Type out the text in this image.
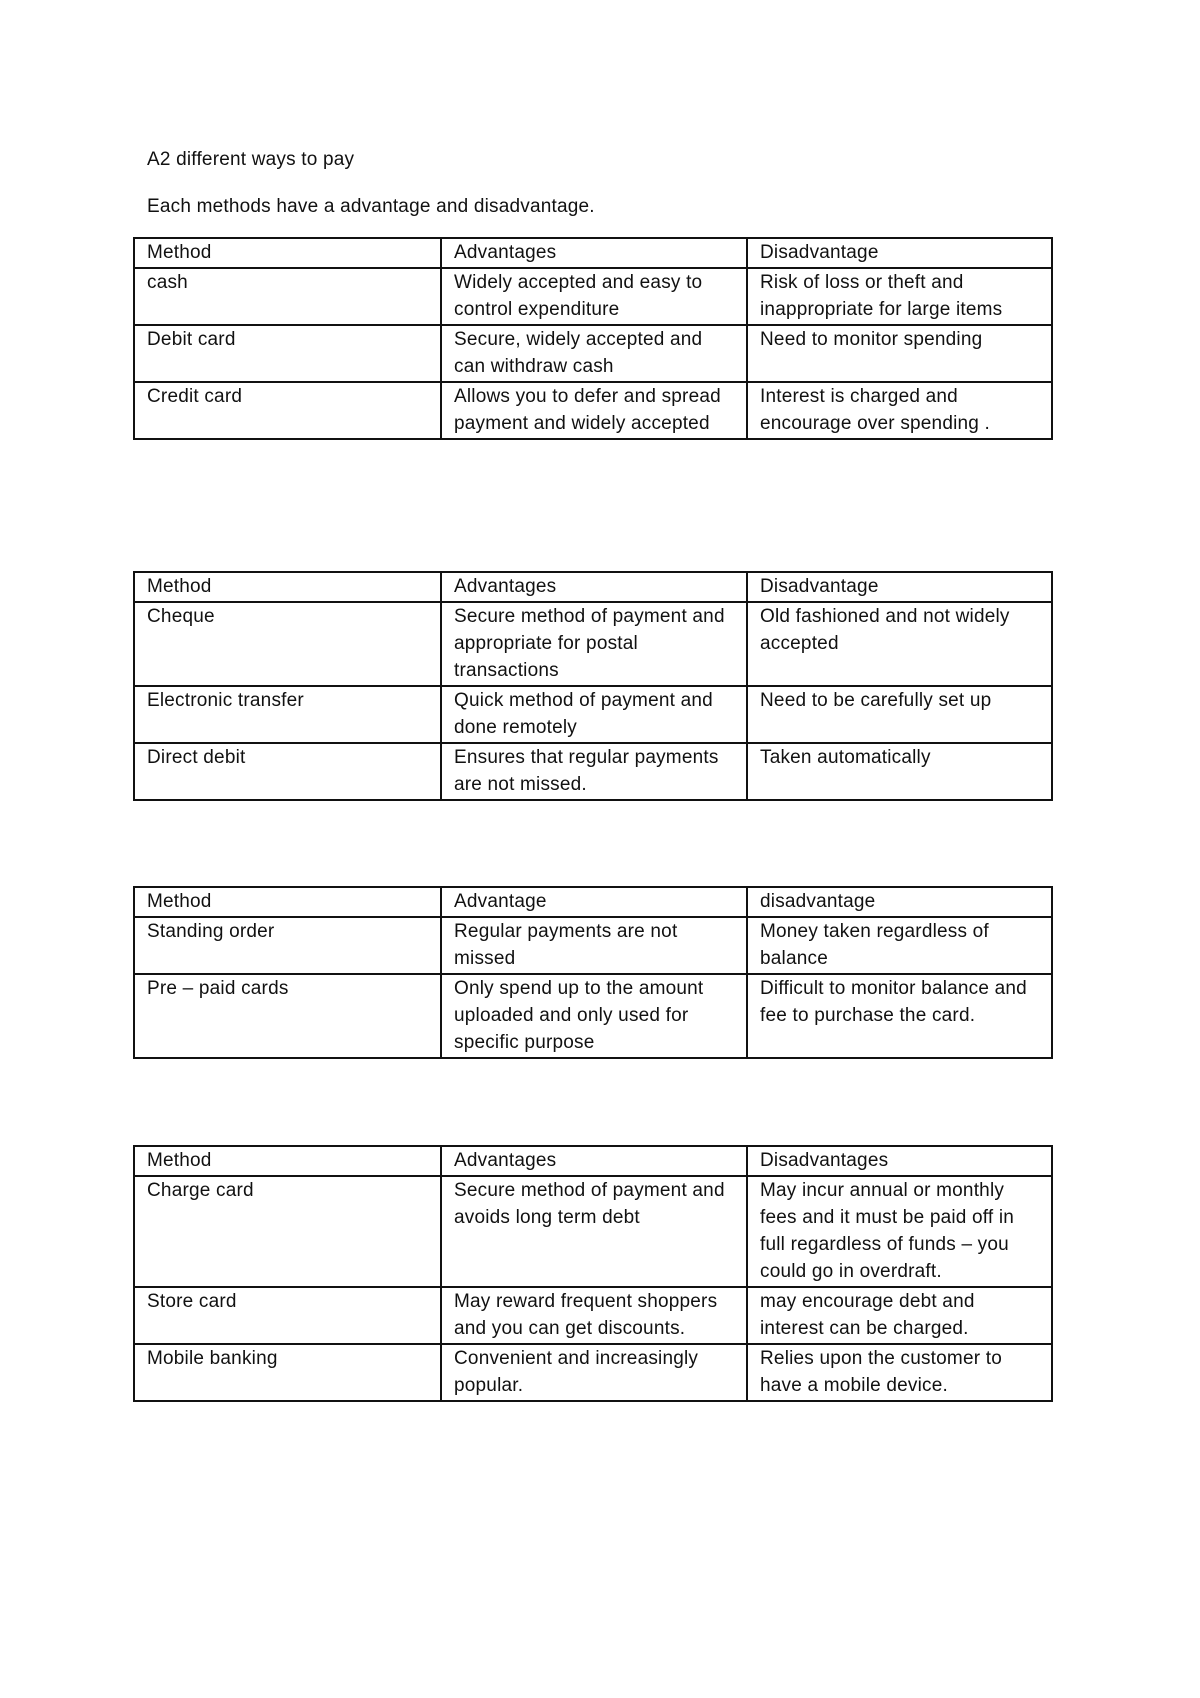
A2 different ways to pay
Each methods have a advantage and disadvantage.
Method	Advantages	Disadvantage
cash	Widely accepted and easy to control expenditure	Risk of loss or theft and inappropriate for large items
Debit card	Secure, widely accepted and can withdraw cash	Need to monitor spending
Credit card	Allows you to defer and spread payment and widely accepted	Interest is charged and encourage over spending .
Method	Advantages	Disadvantage
Cheque	Secure method of payment and appropriate for postal transactions	Old fashioned and not widely accepted
Electronic transfer	Quick method of payment and done remotely	Need to be carefully set up
Direct debit	Ensures that regular payments are not missed.	Taken automatically
Method	Advantage	disadvantage
Standing order	Regular payments are not missed	Money taken regardless of balance
Pre – paid cards	Only spend up to the amount uploaded and only used for specific purpose	Difficult to monitor balance and fee to purchase the card.
Method	Advantages	Disadvantages
Charge card	Secure method of payment and avoids long term debt	May incur annual or monthly fees and it must be paid off in full regardless of funds – you could go in overdraft.
Store card	May reward frequent shoppers and you can get discounts.	may encourage debt and interest can be charged.
Mobile banking	Convenient and increasingly popular.	Relies upon the customer to have a mobile device.
